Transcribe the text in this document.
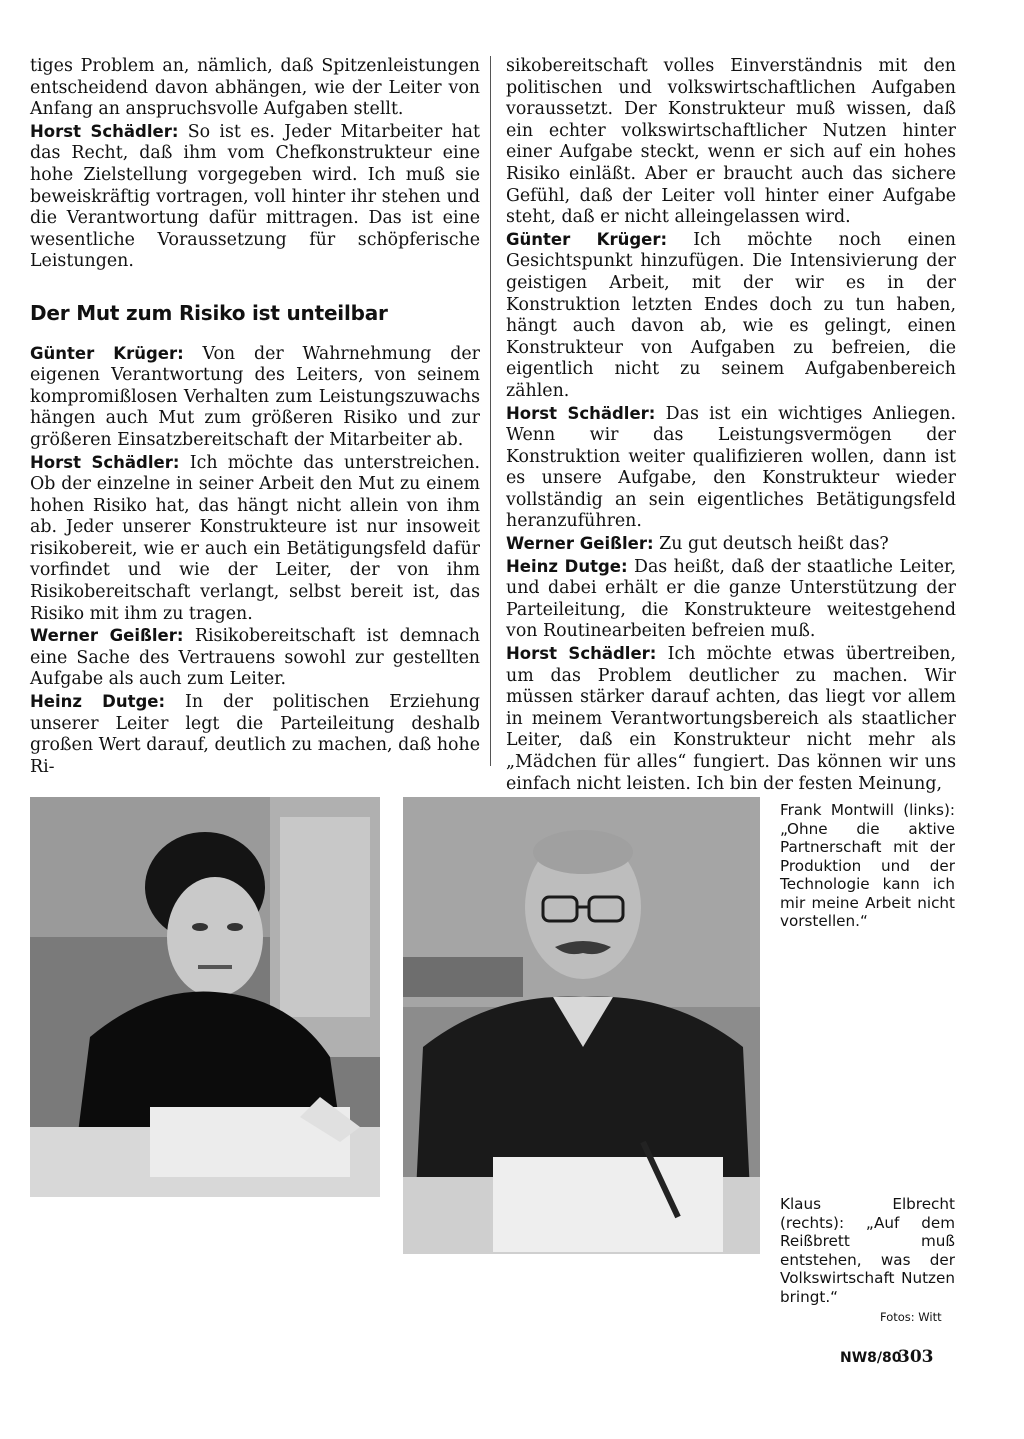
tiges Problem an, nämlich, daß Spitzenleistungen entscheidend davon abhängen, wie der Leiter von Anfang an anspruchsvolle Aufgaben stellt.

Horst Schädler: So ist es. Jeder Mitarbeiter hat das Recht, daß ihm vom Chefkonstrukteur eine hohe Zielstellung vorgegeben wird. Ich muß sie beweiskräftig vortragen, voll hinter ihr stehen und die Verantwortung dafür mittragen. Das ist eine wesentliche Voraussetzung für schöpferische Leistungen.

Der Mut zum Risiko ist unteilbar

Günter Krüger: Von der Wahrnehmung der eigenen Verantwortung des Leiters, von seinem kompromißlosen Verhalten zum Leistungszuwachs hängen auch Mut zum größeren Risiko und zur größeren Einsatzbereitschaft der Mitarbeiter ab.

Horst Schädler: Ich möchte das unterstreichen. Ob der einzelne in seiner Arbeit den Mut zu einem hohen Risiko hat, das hängt nicht allein von ihm ab. Jeder unserer Konstrukteure ist nur insoweit risikobereit, wie er auch ein Betätigungsfeld dafür vorfindet und wie der Leiter, der von ihm Risikobereitschaft verlangt, selbst bereit ist, das Risiko mit ihm zu tragen.

Werner Geißler: Risikobereitschaft ist demnach eine Sache des Vertrauens sowohl zur gestellten Aufgabe als auch zum Leiter.

Heinz Dutge: In der politischen Erziehung unserer Leiter legt die Parteileitung deshalb großen Wert darauf, deutlich zu machen, daß hohe Ri-

sikobereitschaft volles Einverständnis mit den politischen und volkswirtschaftlichen Aufgaben voraussetzt. Der Konstrukteur muß wissen, daß ein echter volkswirtschaftlicher Nutzen hinter einer Aufgabe steckt, wenn er sich auf ein hohes Risiko einläßt. Aber er braucht auch das sichere Gefühl, daß der Leiter voll hinter einer Aufgabe steht, daß er nicht alleingelassen wird.

Günter Krüger: Ich möchte noch einen Gesichtspunkt hinzufügen. Die Intensivierung der geistigen Arbeit, mit der wir es in der Konstruktion letzten Endes doch zu tun haben, hängt auch davon ab, wie es gelingt, einen Konstrukteur von Aufgaben zu befreien, die eigentlich nicht zu seinem Aufgabenbereich zählen.

Horst Schädler: Das ist ein wichtiges Anliegen. Wenn wir das Leistungsvermögen der Konstruktion weiter qualifizieren wollen, dann ist es unsere Aufgabe, den Konstrukteur wieder vollständig an sein eigentliches Betätigungsfeld heranzuführen.

Werner Geißler: Zu gut deutsch heißt das?

Heinz Dutge: Das heißt, daß der staatliche Leiter, und dabei erhält er die ganze Unterstützung der Parteileitung, die Konstrukteure weitestgehend von Routinearbeiten befreien muß.

Horst Schädler: Ich möchte etwas übertreiben, um das Problem deutlicher zu machen. Wir müssen stärker darauf achten, das liegt vor allem in meinem Verantwortungsbereich als staatlicher Leiter, daß ein Konstrukteur nicht mehr als „Mädchen für alles“ fungiert. Das können wir uns einfach nicht leisten. Ich bin der festen Meinung,

Frank Montwill (links): „Ohne die aktive Partnerschaft mit der Produktion und der Technologie kann ich mir meine Arbeit nicht vorstellen.“
Klaus Elbrecht (rechts): „Auf dem Reißbrett muß entstehen, was der Volkswirtschaft Nutzen bringt.“
Fotos: Witt
NW8/80
303
